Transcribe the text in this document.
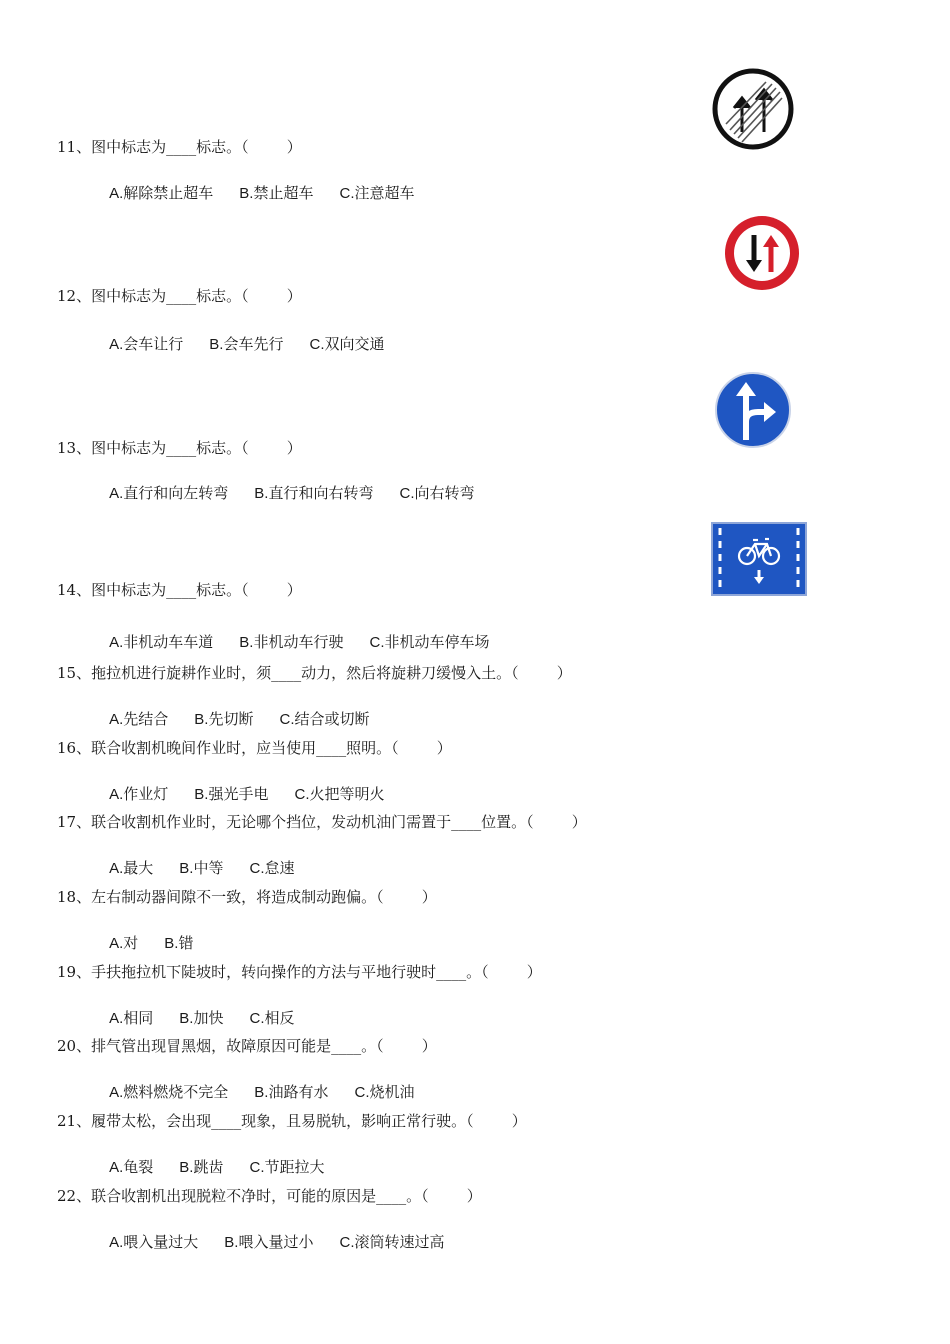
11、图中标志为____标志。（        ）

A.解除禁止超车 B.禁止超车 C.注意超车

12、图中标志为____标志。（        ）

A.会车让行 B.会车先行 C.双向交通

13、图中标志为____标志。（        ）

A.直行和向左转弯 B.直行和向右转弯 C.向右转弯

14、图中标志为____标志。（        ）

A.非机动车车道 B.非机动车行驶 C.非机动车停车场

15、拖拉机进行旋耕作业时，须____动力，然后将旋耕刀缓慢入土。（        ）

A.先结合 B.先切断 C.结合或切断

16、联合收割机晚间作业时，应当使用____照明。（        ）

A.作业灯 B.强光手电 C.火把等明火

17、联合收割机作业时，无论哪个挡位，发动机油门需置于____位置。（        ）

A.最大 B.中等 C.怠速

18、左右制动器间隙不一致，将造成制动跑偏。（        ）

A.对 B.错

19、手扶拖拉机下陡坡时，转向操作的方法与平地行驶时____。（        ）

A.相同 B.加快 C.相反

20、排气管出现冒黑烟，故障原因可能是____。（        ）

A.燃料燃烧不完全 B.油路有水 C.烧机油

21、履带太松，会出现____现象，且易脱轨，影响正常行驶。（        ）

A.龟裂 B.跳齿 C.节距拉大

22、联合收割机出现脱粒不净时，可能的原因是____。（        ）

A.喂入量过大 B.喂入量过小 C.滚筒转速过高
